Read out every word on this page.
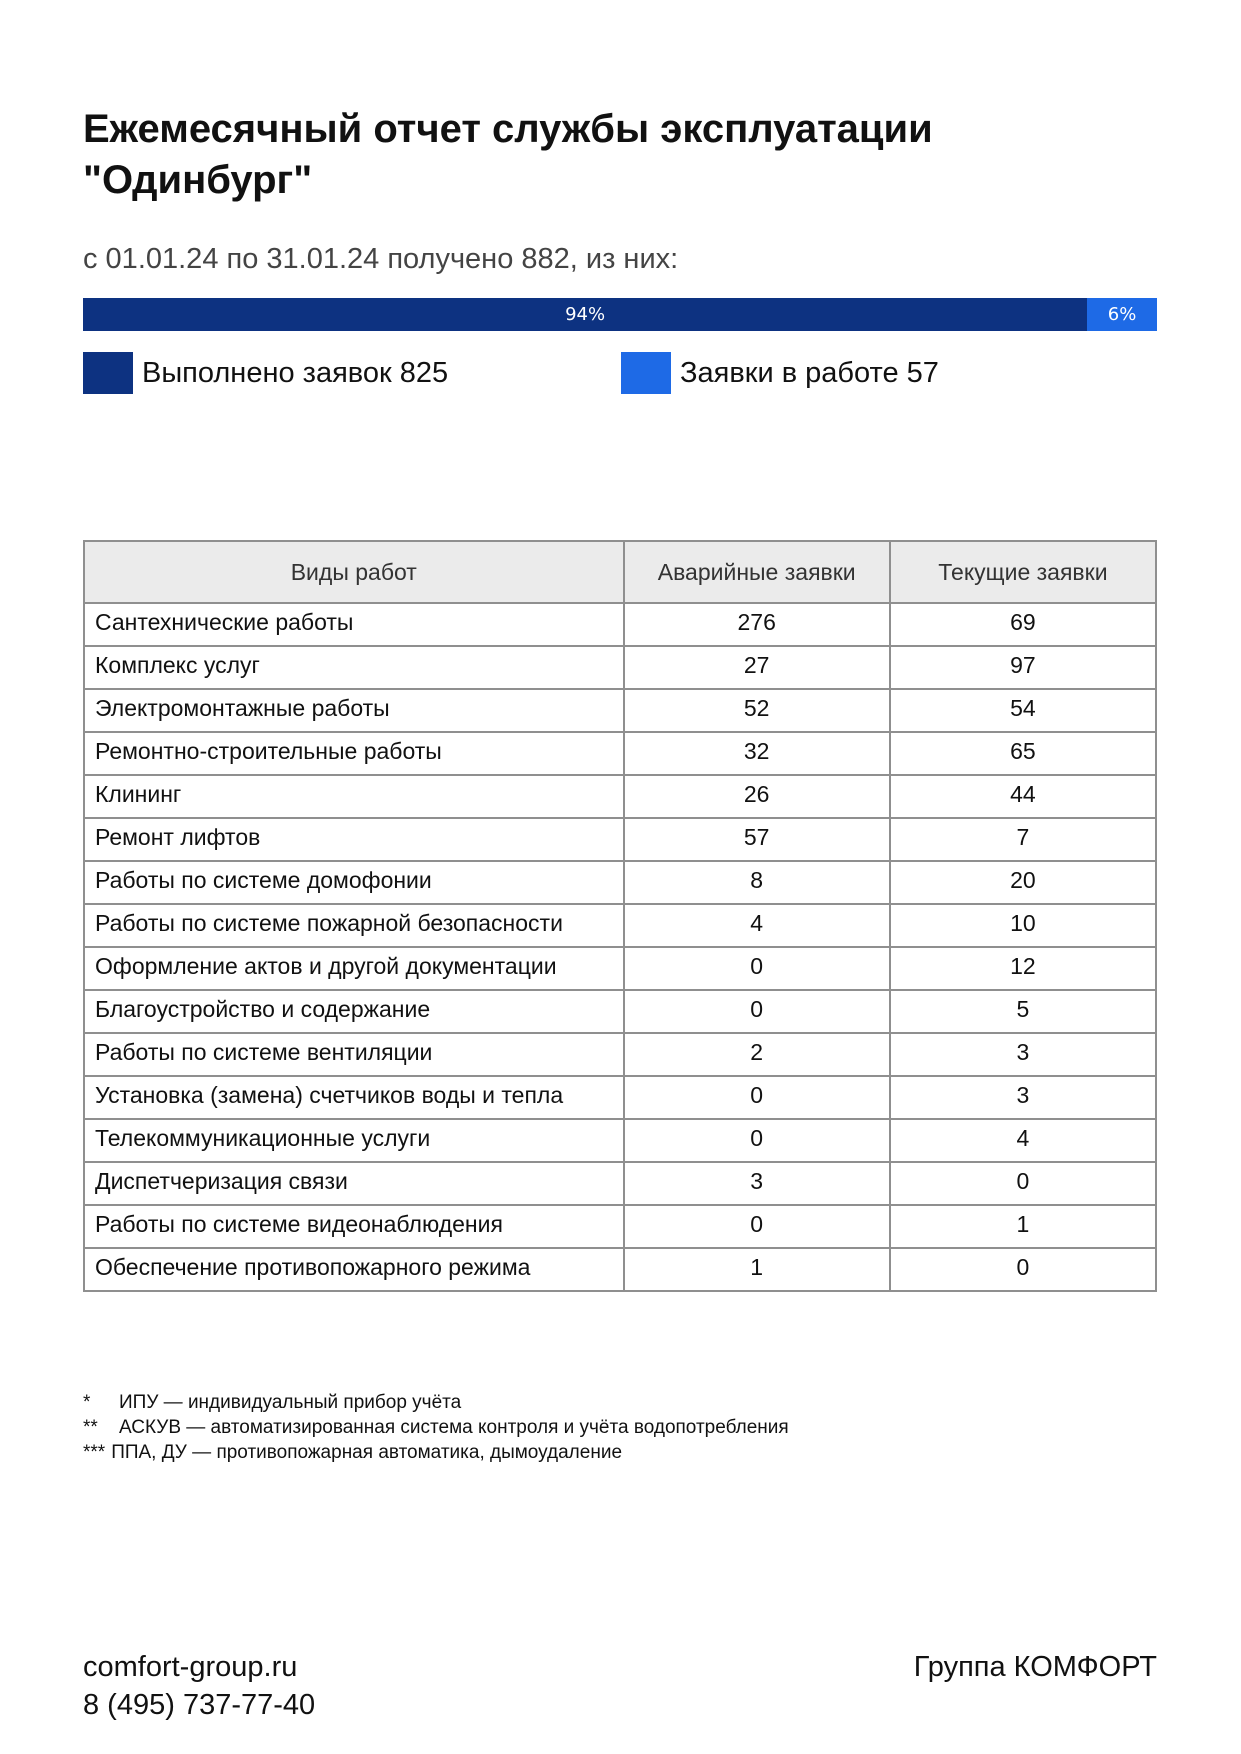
Ежемесячный отчет службы эксплуатации
"Одинбург"
с 01.01.24 по 31.01.24 получено 882, из них:
94%	6%
Выполнено заявок 825	Заявки в работе 57
Виды работ	Аварийные заявки	Текущие заявки
Сантехнические работы	276	69
Комплекс услуг	27	97
Электромонтажные работы	52	54
Ремонтно-строительные работы	32	65
Клининг	26	44
Ремонт лифтов	57	7
Работы по системе домофонии	8	20
Работы по системе пожарной безопасности	4	10
Оформление актов и другой документации	0	12
Благоустройство и содержание	0	5
Работы по системе вентиляции	2	3
Установка (замена) счетчиков воды и тепла	0	3
Телекоммуникационные услуги	0	4
Диспетчеризация связи	3	0
Работы по системе видеонаблюдения	0	1
Обеспечение противопожарного режима	1	0
*	ИПУ — индивидуальный прибор учёта
**	АСКУВ — автоматизированная система контроля и учёта водопотребления
*** ППА, ДУ — противопожарная автоматика, дымоудаление
comfort-group.ru
8 (495) 737-77-40
Группа КОМФОРТ
